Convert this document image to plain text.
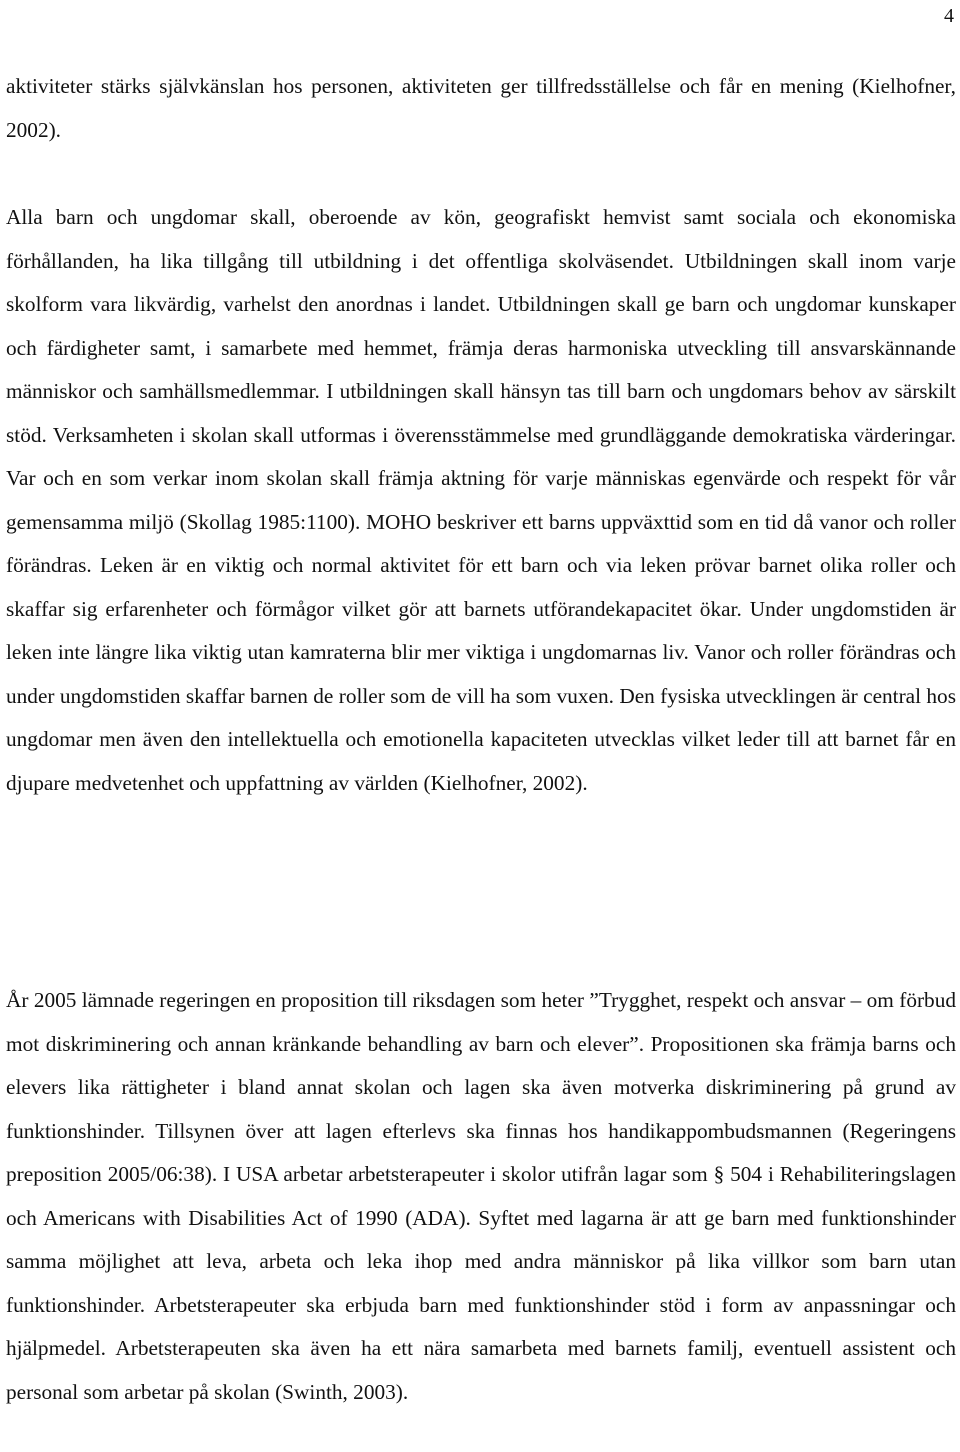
4

aktiviteter stärks självkänslan hos personen, aktiviteten ger tillfredsställelse och får en mening (Kielhofner, 2002).

Alla barn och ungdomar skall, oberoende av kön, geografiskt hemvist samt sociala och ekonomiska förhållanden, ha lika tillgång till utbildning i det offentliga skolväsendet. Utbildningen skall inom varje skolform vara likvärdig, varhelst den anordnas i landet. Utbildningen skall ge barn och ungdomar kunskaper och färdigheter samt, i samarbete med hemmet, främja deras harmoniska utveckling till ansvarskännande människor och samhällsmedlemmar. I utbildningen skall hänsyn tas till barn och ungdomars behov av särskilt stöd. Verksamheten i skolan skall utformas i överensstämmelse med grundläggande demokratiska värderingar. Var och en som verkar inom skolan skall främja aktning för varje människas egenvärde och respekt för vår gemensamma miljö (Skollag 1985:1100). MOHO beskriver ett barns uppväxttid som en tid då vanor och roller förändras. Leken är en viktig och normal aktivitet för ett barn och via leken prövar barnet olika roller och skaffar sig erfarenheter och förmågor vilket gör att barnets utförandekapacitet ökar. Under ungdomstiden är leken inte längre lika viktig utan kamraterna blir mer viktiga i ungdomarnas liv. Vanor och roller förändras och under ungdomstiden skaffar barnen de roller som de vill ha som vuxen. Den fysiska utvecklingen är central hos ungdomar men även den intellektuella och emotionella kapaciteten utvecklas vilket leder till att barnet får en djupare medvetenhet och uppfattning av världen (Kielhofner, 2002).

År 2005 lämnade regeringen en proposition till riksdagen som heter ”Trygghet, respekt och ansvar – om förbud mot diskriminering och annan kränkande behandling av barn och elever”. Propositionen ska främja barns och elevers lika rättigheter i bland annat skolan och lagen ska även motverka diskriminering på grund av funktionshinder. Tillsynen över att lagen efterlevs ska finnas hos handikappombudsmannen (Regeringens preposition 2005/06:38). I USA arbetar arbetsterapeuter i skolor utifrån lagar som § 504 i Rehabiliteringslagen och Americans with Disabilities Act of 1990 (ADA). Syftet med lagarna är att ge barn med funktionshinder samma möjlighet att leva, arbeta och leka ihop med andra människor på lika villkor som barn utan funktionshinder. Arbetsterapeuter ska erbjuda barn med funktionshinder stöd i form av anpassningar och hjälpmedel. Arbetsterapeuten ska även ha ett nära samarbeta med barnets familj, eventuell assistent och personal som arbetar på skolan (Swinth, 2003).
